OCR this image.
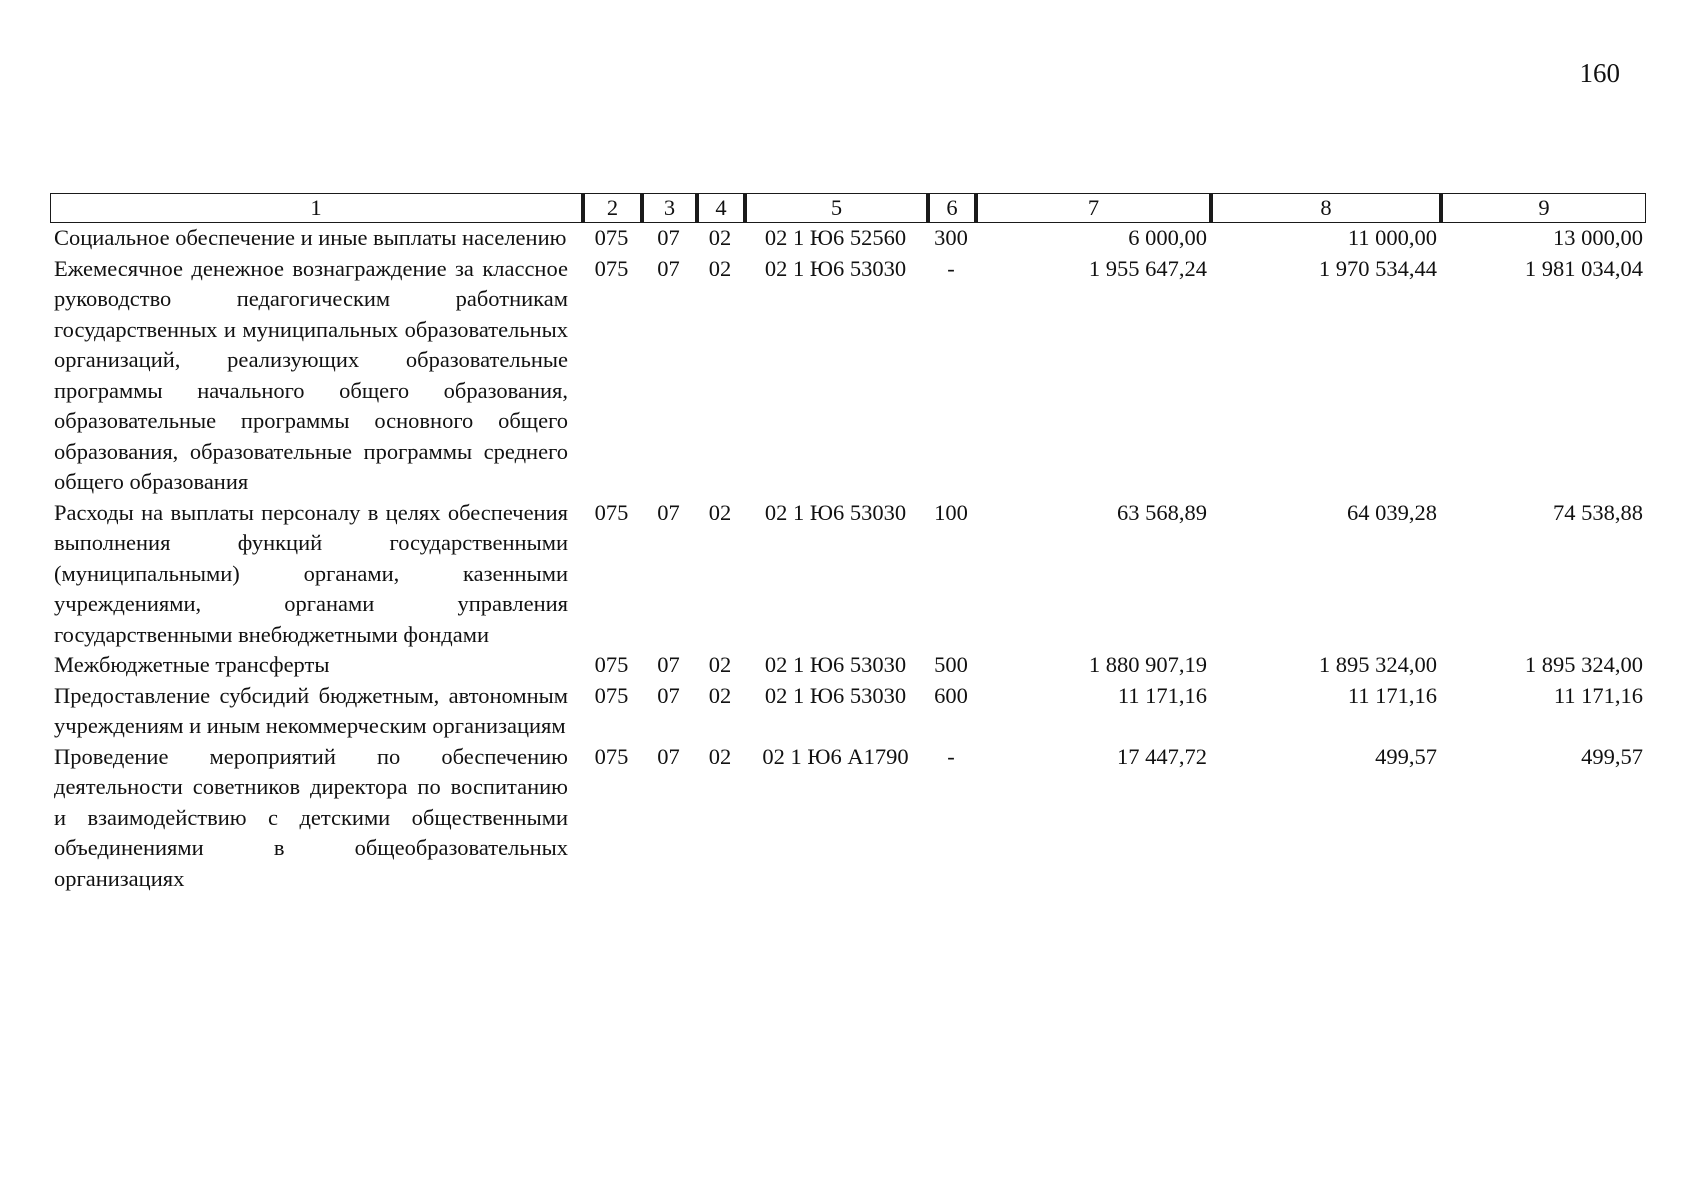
160
1	2	3	4	5	6	7	8	9
Социальное обеспечение и иные выплаты населению	075	07	02	02 1 Ю6 52560	300	6 000,00	11 000,00	13 000,00
Ежемесячное денежное вознаграждение за классное руководство педагогическим работникам государственных и муниципальных образовательных организаций, реализующих образовательные программы начального общего образования, образовательные программы основного общего образования, образовательные программы среднего общего образования	075	07	02	02 1 Ю6 53030	-	1 955 647,24	1 970 534,44	1 981 034,04
Расходы на выплаты персоналу в целях обеспечения выполнения функций государственными (муниципальными) органами, казенными учреждениями, органами управления государственными внебюджетными фондами	075	07	02	02 1 Ю6 53030	100	63 568,89	64 039,28	74 538,88
Межбюджетные трансферты	075	07	02	02 1 Ю6 53030	500	1 880 907,19	1 895 324,00	1 895 324,00
Предоставление субсидий бюджетным, автономным учреждениям и иным некоммерческим организациям	075	07	02	02 1 Ю6 53030	600	11 171,16	11 171,16	11 171,16
Проведение мероприятий по обеспечению деятельности советников директора по воспитанию и взаимодействию с детскими общественными объединениями в общеобразовательных организациях	075	07	02	02 1 Ю6 А1790	-	17 447,72	499,57	499,57
